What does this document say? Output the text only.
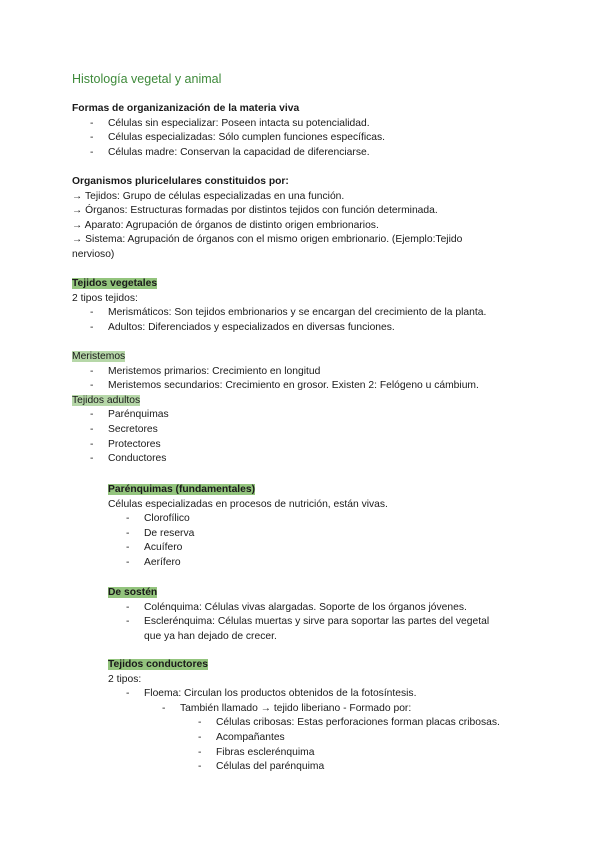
Histología vegetal y animal
Formas de organizanización de la materia viva
- Células sin especializar: Poseen intacta su potencialidad.
- Células especializadas: Sólo cumplen funciones específicas.
- Células madre: Conservan la capacidad de diferenciarse.
Organismos pluricelulares constituidos por:
→ Tejidos: Grupo de células especializadas en una función.
→ Órganos: Estructuras formadas por distintos tejidos con función determinada.
→ Aparato: Agrupación de órganos de distinto origen embrionarios.
→ Sistema: Agrupación de órganos con el mismo origen embrionario. (Ejemplo:Tejido
nervioso)
Tejidos vegetales
2 tipos tejidos:
- Merismáticos: Son tejidos embrionarios y se encargan del crecimiento de la planta.
- Adultos: Diferenciados y especializados en diversas funciones.
Meristemos
- Meristemos primarios: Crecimiento en longitud
- Meristemos secundarios: Crecimiento en grosor. Existen 2: Felógeno u cámbium.
Tejidos adultos
- Parénquimas
- Secretores
- Protectores
- Conductores
Parénquimas (fundamentales)
Células especializadas en procesos de nutrición, están vivas.
- Clorofílico
- De reserva
- Acuífero
- Aerífero
De sostén
- Colénquima: Células vivas alargadas. Soporte de los órganos jóvenes.
- Esclerénquima: Células muertas y sirve para soportar las partes del vegetal
que ya han dejado de crecer.
Tejidos conductores
2 tipos:
- Floema: Circulan los productos obtenidos de la fotosíntesis.
- También llamado → tejido liberiano - Formado por:
- Células cribosas: Estas perforaciones forman placas cribosas.
- Acompañantes
- Fibras esclerénquima
- Células del parénquima
